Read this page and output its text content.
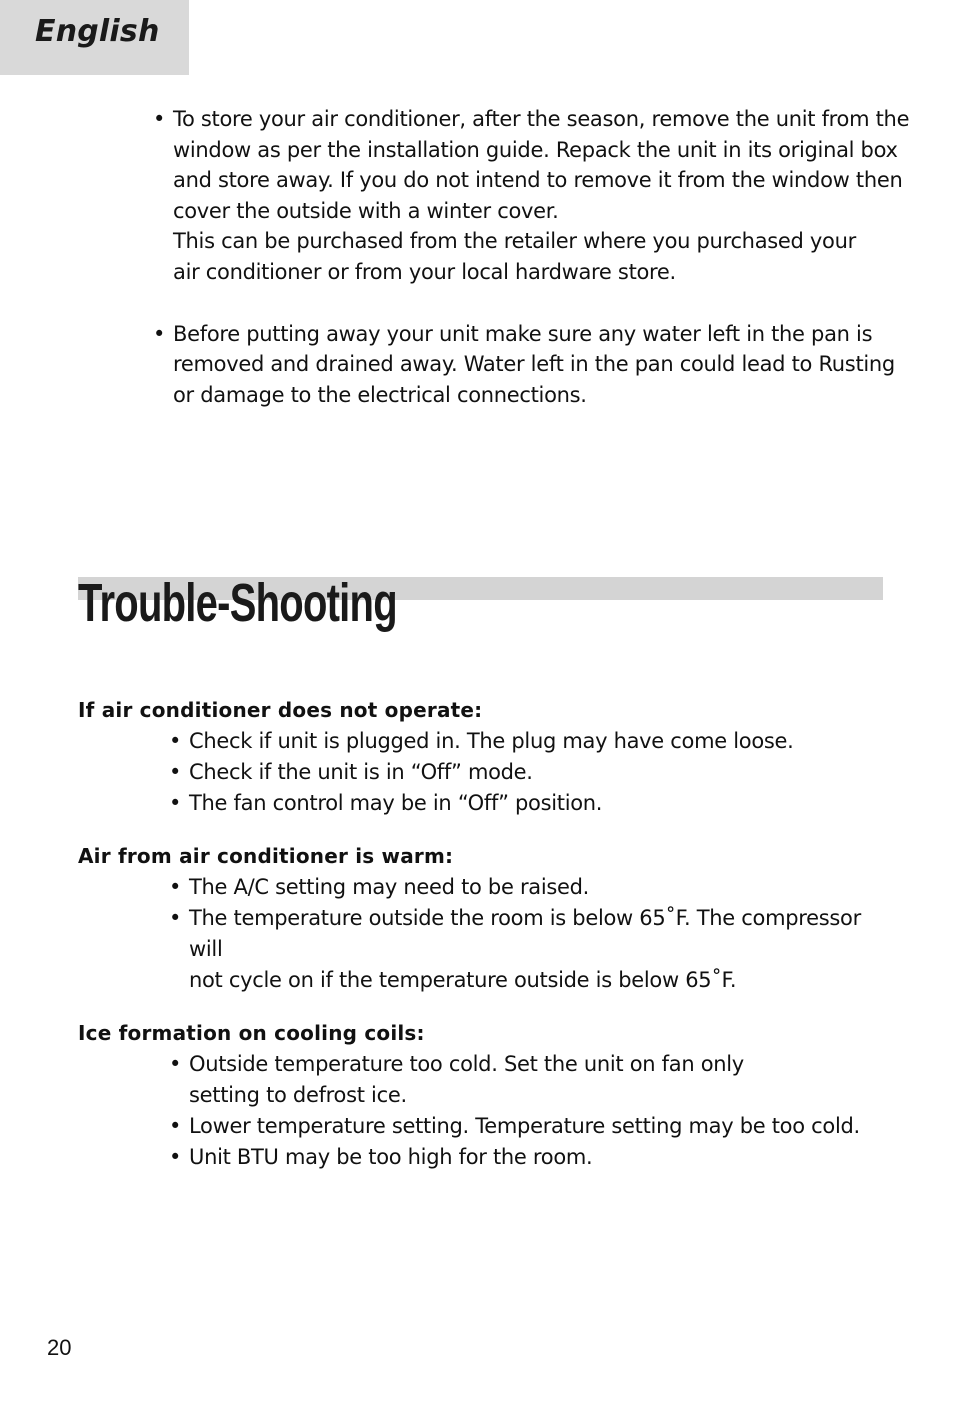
English
• To store your air conditioner, after the season, remove the unit from the

window as per the installation guide. Repack the unit in its original box

and store away. If you do not intend to remove it from the window then

cover the outside with a winter cover.

This can be purchased from the retailer where you purchased your

air conditioner or from your local hardware store.

• Before putting away your unit make sure any water left in the pan is

removed and drained away. Water left in the pan could lead to Rusting

or damage to the electrical connections.

Trouble-Shooting

If air conditioner does not operate:

• Check if unit is plugged in. The plug may have come loose.

• Check if the unit is in “Off” mode.

• The fan control may be in “Off” position.

Air from air conditioner is warm:

• The A/C setting may need to be raised.

• The temperature outside the room is below 65˚F. The compressor will

not cycle on if the temperature outside is below 65˚F.

Ice formation on cooling coils:

• Outside temperature too cold. Set the unit on fan only

setting to defrost ice.

• Lower temperature setting. Temperature setting may be too cold.

• Unit BTU may be too high for the room.

20
